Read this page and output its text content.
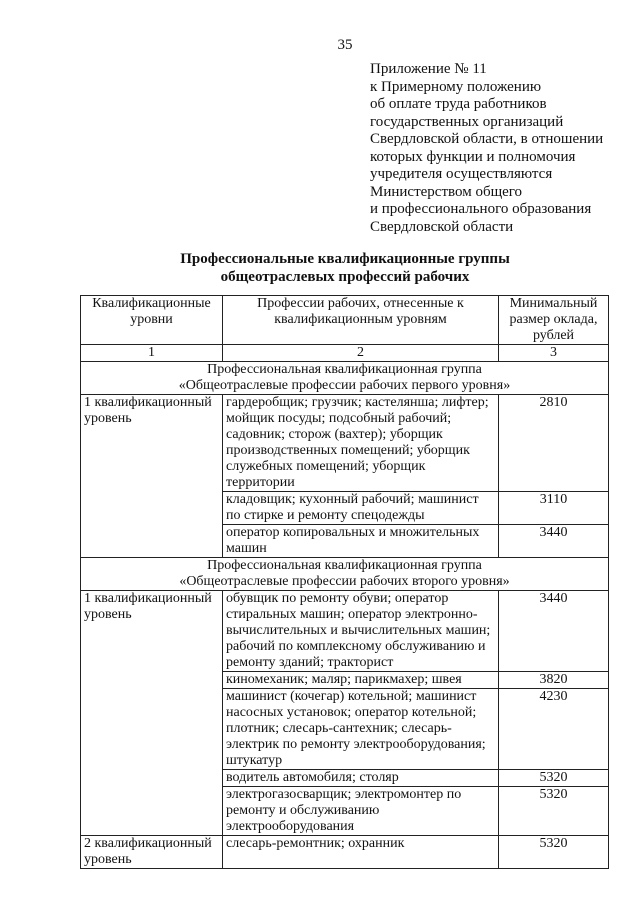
35
Приложение № 11
к Примерному положению
об оплате труда работников
государственных организаций
Свердловской области, в отношении
которых функции и полномочия
учредителя осуществляются
Министерством общего
и профессионального образования
Свердловской области
Профессиональные квалификационные группы
общеотраслевых профессий рабочих
Квалификационные уровни	Профессии рабочих, отнесенные к квалификационным уровням	Минимальный размер оклада, рублей
1	2	3

Профессиональная квалификационная группа
«Общеотраслевые профессии рабочих первого уровня»		

1 квалификационный уровень	гардеробщик; грузчик; кастелянша; лифтер; мойщик посуды; подсобный рабочий; садовник; сторож (вахтер); уборщик производственных помещений; уборщик служебных помещений; уборщик территории	2810
	кладовщик; кухонный рабочий; машинист по стирке и ремонту спецодежды	3110
	оператор копировальных и множительных машин	3440

Профессиональная квалификационная группа
«Общеотраслевые профессии рабочих второго уровня»		

1 квалификационный уровень	обувщик по ремонту обуви; оператор стиральных машин; оператор электронно-вычислительных и вычислительных машин; рабочий по комплексному обслуживанию и ремонту зданий; тракторист	3440
	киномеханик; маляр; парикмахер; швея	3820
	машинист (кочегар) котельной; машинист насосных установок; оператор котельной; плотник; слесарь-сантехник; слесарь-электрик по ремонту электрооборудования; штукатур	4230
	водитель автомобиля; столяр	5320
	электрогазосварщик; электромонтер по ремонту и обслуживанию электрооборудования	5320
2 квалификационный уровень	слесарь-ремонтник; охранник	5320
